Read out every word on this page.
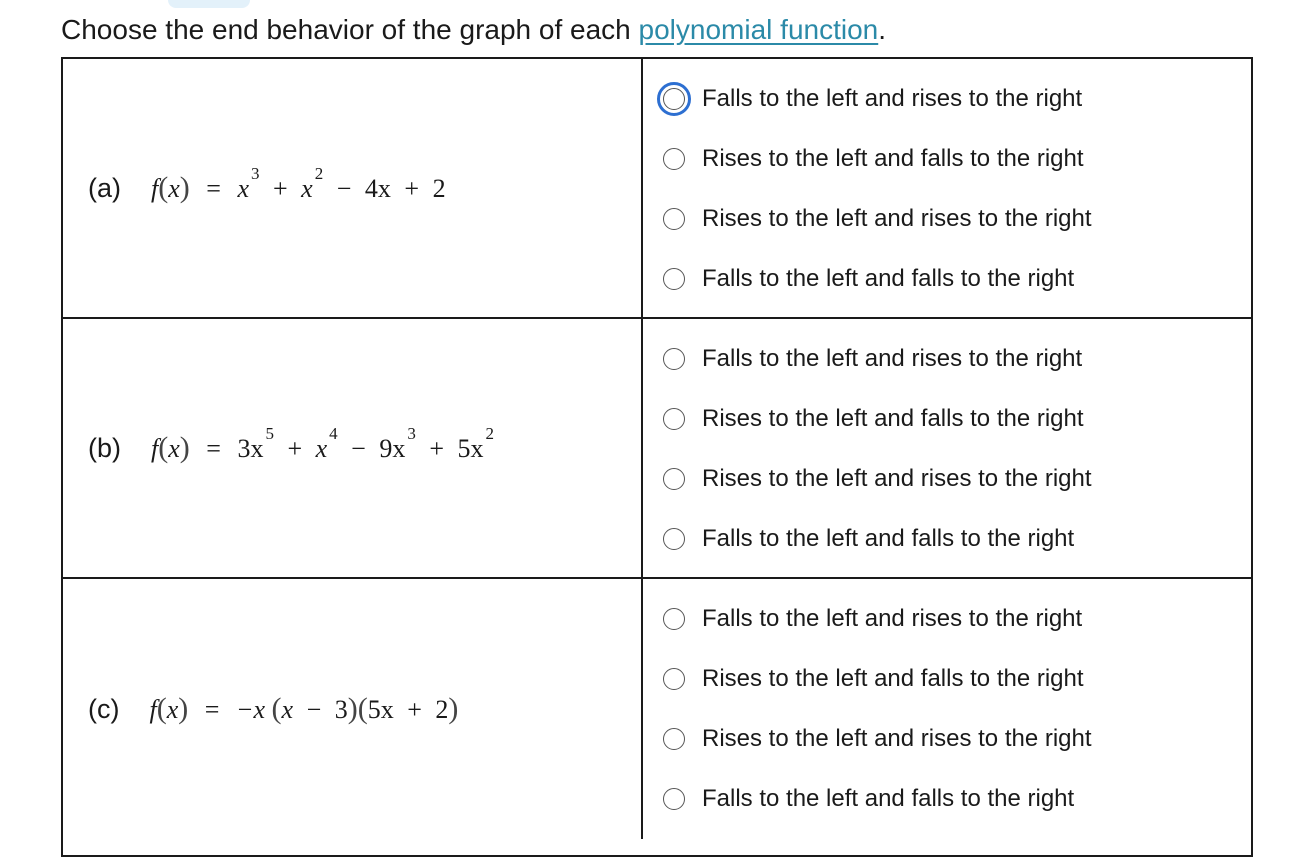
Choose the end behavior of the graph of each polynomial function.
(a) $f(x) = x^3 + x^2 - 4x + 2$
Falls to the left and rises to the right
Rises to the left and falls to the right
Rises to the left and rises to the right
Falls to the left and falls to the right
(b) $f(x) = 3x^5 + x^4 - 9x^3 + 5x^2$
Falls to the left and rises to the right
Rises to the left and falls to the right
Rises to the left and rises to the right
Falls to the left and falls to the right
(c) f(x) = −x (x − 3)(5x + 2)
Falls to the left and rises to the right
Rises to the left and falls to the right
Rises to the left and rises to the right
Falls to the left and falls to the right
